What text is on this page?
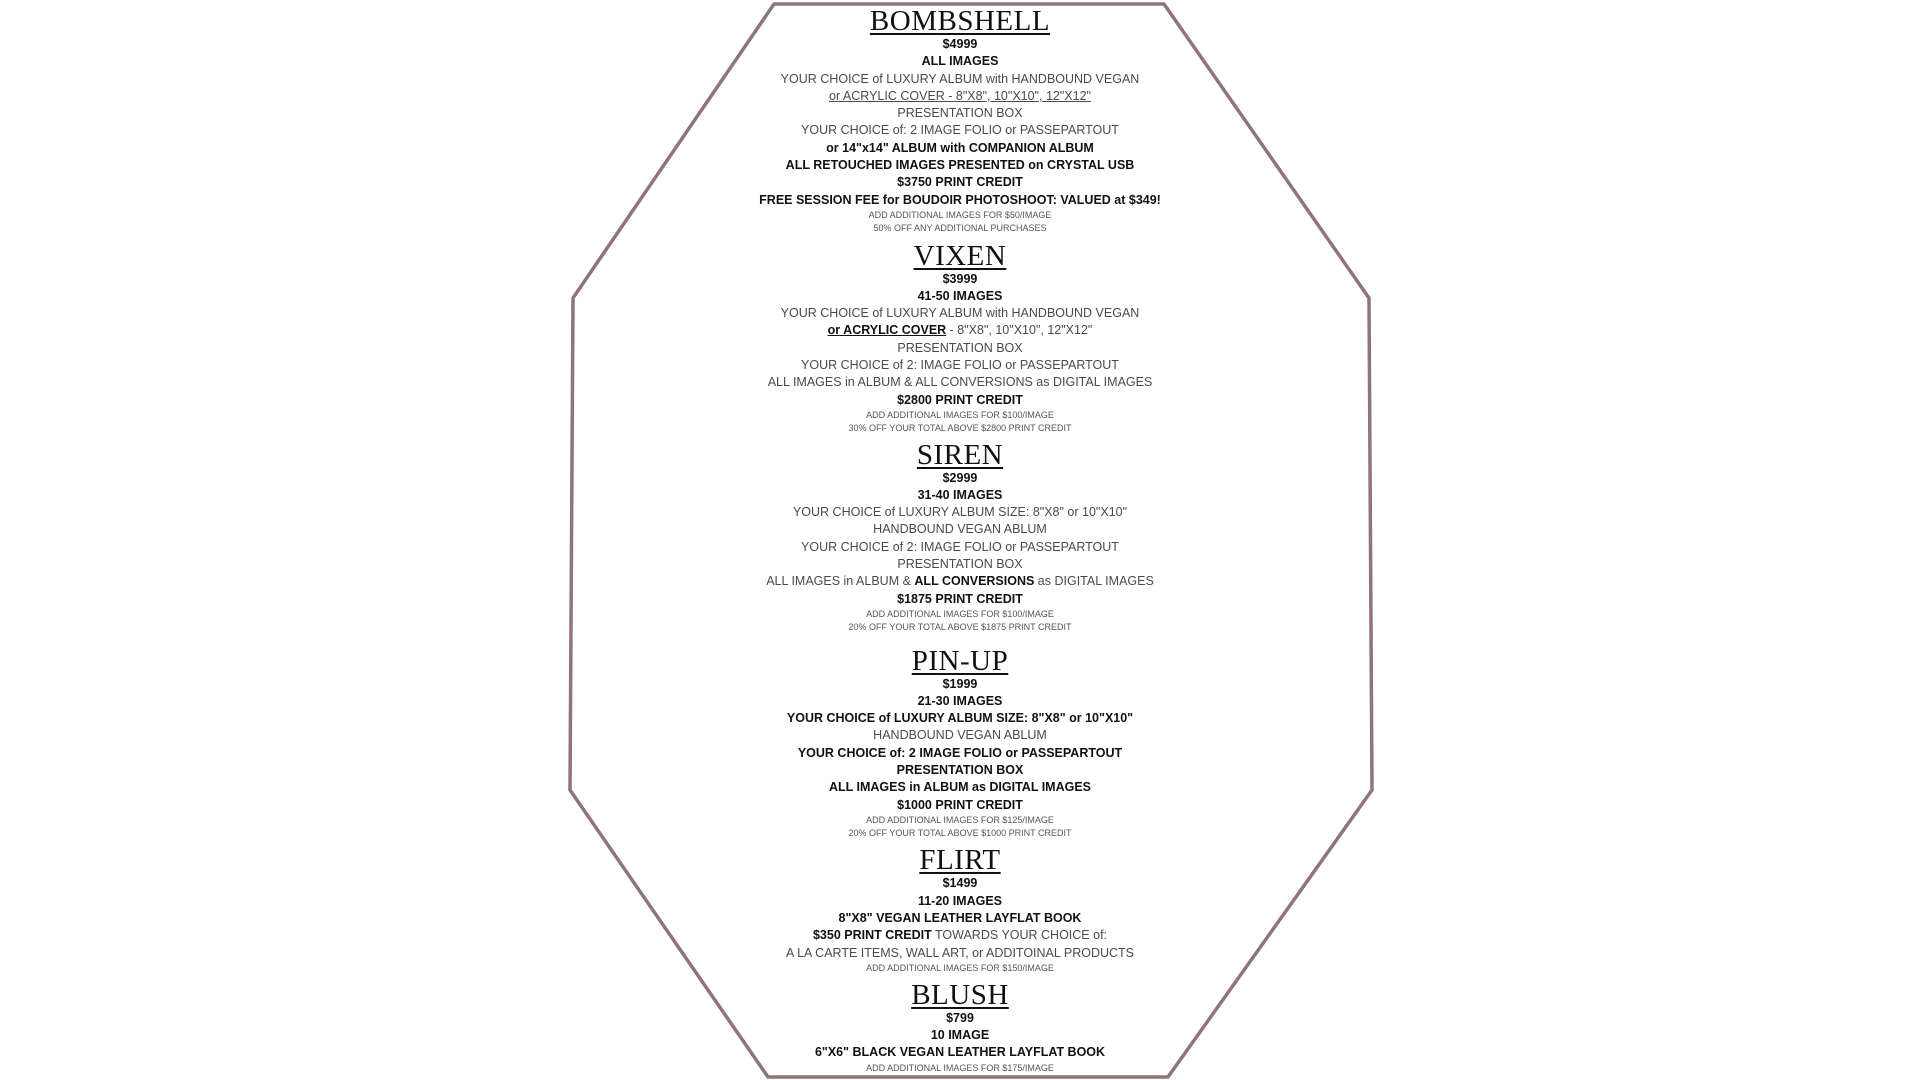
BOMBSHELL
$4999
ALL IMAGES
YOUR CHOICE of LUXURY ALBUM with HANDBOUND VEGAN
or ACRYLIC COVER - 8"X8", 10"X10", 12"X12"
PRESENTATION BOX
YOUR CHOICE of: 2 IMAGE FOLIO or PASSEPARTOUT
or 14"x14" ALBUM with COMPANION ALBUM
ALL RETOUCHED IMAGES PRESENTED on CRYSTAL USB
$3750 PRINT CREDIT
FREE SESSION FEE for BOUDOIR PHOTOSHOOT: VALUED at $349!
ADD ADDITIONAL IMAGES FOR $50/IMAGE
50% OFF ANY ADDITIONAL PURCHASES
VIXEN
$3999
41-50 IMAGES
YOUR CHOICE of LUXURY ALBUM with HANDBOUND VEGAN
or ACRYLIC COVER - 8"X8", 10"X10", 12"X12"
PRESENTATION BOX
YOUR CHOICE of 2: IMAGE FOLIO or PASSEPARTOUT
ALL IMAGES in ALBUM & ALL CONVERSIONS as DIGITAL IMAGES
$2800 PRINT CREDIT
ADD ADDITIONAL IMAGES FOR $100/IMAGE
30% OFF YOUR TOTAL ABOVE $2800 PRINT CREDIT
SIREN
$2999
31-40 IMAGES
YOUR CHOICE of LUXURY ALBUM SIZE: 8"X8" or 10"X10"
HANDBOUND VEGAN ABLUM
YOUR CHOICE of 2: IMAGE FOLIO or PASSEPARTOUT
PRESENTATION BOX
ALL IMAGES in ALBUM & ALL CONVERSIONS as DIGITAL IMAGES
$1875 PRINT CREDIT
ADD ADDITIONAL IMAGES FOR $100/IMAGE
20% OFF YOUR TOTAL ABOVE $1875 PRINT CREDIT
PIN-UP
$1999
21-30 IMAGES
YOUR CHOICE of LUXURY ALBUM SIZE: 8"X8" or 10"X10"
HANDBOUND VEGAN ABLUM
YOUR CHOICE of: 2 IMAGE FOLIO or PASSEPARTOUT
PRESENTATION BOX
ALL IMAGES in ALBUM as DIGITAL IMAGES
$1000 PRINT CREDIT
ADD ADDITIONAL IMAGES FOR $125/IMAGE
20% OFF YOUR TOTAL ABOVE $1000 PRINT CREDIT
FLIRT
$1499
11-20 IMAGES
8"X8" VEGAN LEATHER LAYFLAT BOOK
$350 PRINT CREDIT TOWARDS YOUR CHOICE of:
A LA CARTE ITEMS, WALL ART, or ADDITOINAL PRODUCTS
ADD ADDITIONAL IMAGES FOR $150/IMAGE
BLUSH
$799
10 IMAGE
6"X6" BLACK VEGAN LEATHER LAYFLAT BOOK
ADD ADDITIONAL IMAGES FOR $175/IMAGE
